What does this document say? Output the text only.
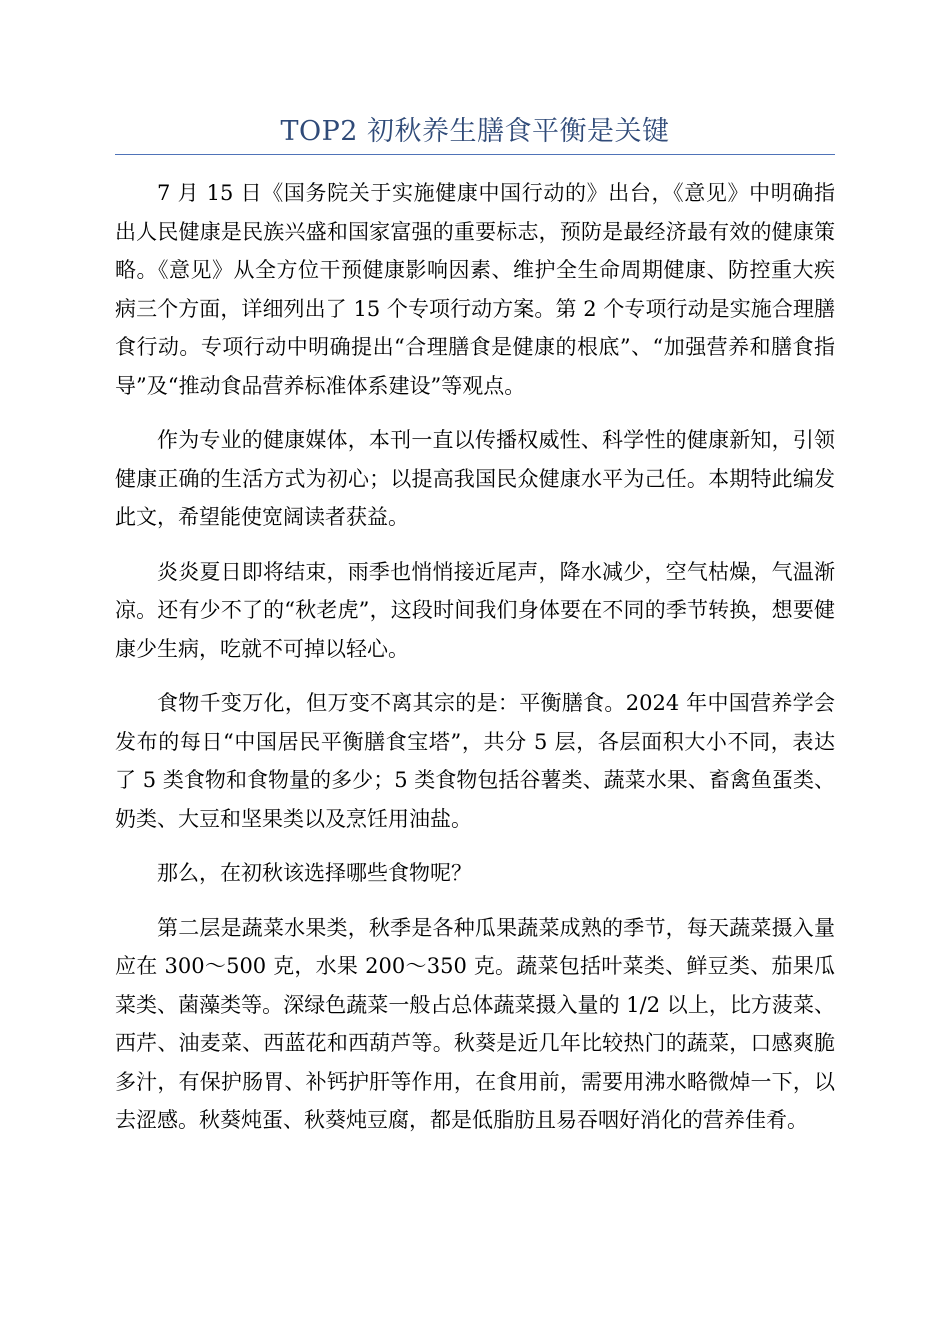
TOP2 初秋养生膳食平衡是关键

7 月 15 日《国务院关于实施健康中国行动的》出台，《意见》中明确指出人民健康是民族兴盛和国家富强的重要标志，预防是最经济最有效的健康策略。《意见》从全方位干预健康影响因素、维护全生命周期健康、防控重大疾病三个方面，详细列出了 15 个专项行动方案。第 2 个专项行动是实施合理膳食行动。专项行动中明确提出“合理膳食是健康的根底”、“加强营养和膳食指导”及“推动食品营养标准体系建设”等观点。

作为专业的健康媒体，本刊一直以传播权威性、科学性的健康新知，引领健康正确的生活方式为初心；以提高我国民众健康水平为己任。本期特此编发此文，希望能使宽阔读者获益。

炎炎夏日即将结束，雨季也悄悄接近尾声，降水减少，空气枯燥，气温渐凉。还有少不了的“秋老虎”，这段时间我们身体要在不同的季节转换，想要健康少生病，吃就不可掉以轻心。

食物千变万化，但万变不离其宗的是：平衡膳食。2024 年中国营养学会发布的每日“中国居民平衡膳食宝塔”，共分 5 层，各层面积大小不同，表达了 5 类食物和食物量的多少；5 类食物包括谷薯类、蔬菜水果、畜禽鱼蛋类、奶类、大豆和坚果类以及烹饪用油盐。

那么，在初秋该选择哪些食物呢？

第二层是蔬菜水果类，秋季是各种瓜果蔬菜成熟的季节，每天蔬菜摄入量应在 300～500 克，水果 200～350 克。蔬菜包括叶菜类、鲜豆类、茄果瓜菜类、菌藻类等。深绿色蔬菜一般占总体蔬菜摄入量的 1/2 以上，比方菠菜、西芹、油麦菜、西蓝花和西葫芦等。秋葵是近几年比较热门的蔬菜，口感爽脆多汁，有保护肠胃、补钙护肝等作用，在食用前，需要用沸水略微焯一下，以去涩感。秋葵炖蛋、秋葵炖豆腐，都是低脂肪且易吞咽好消化的营养佳肴。
